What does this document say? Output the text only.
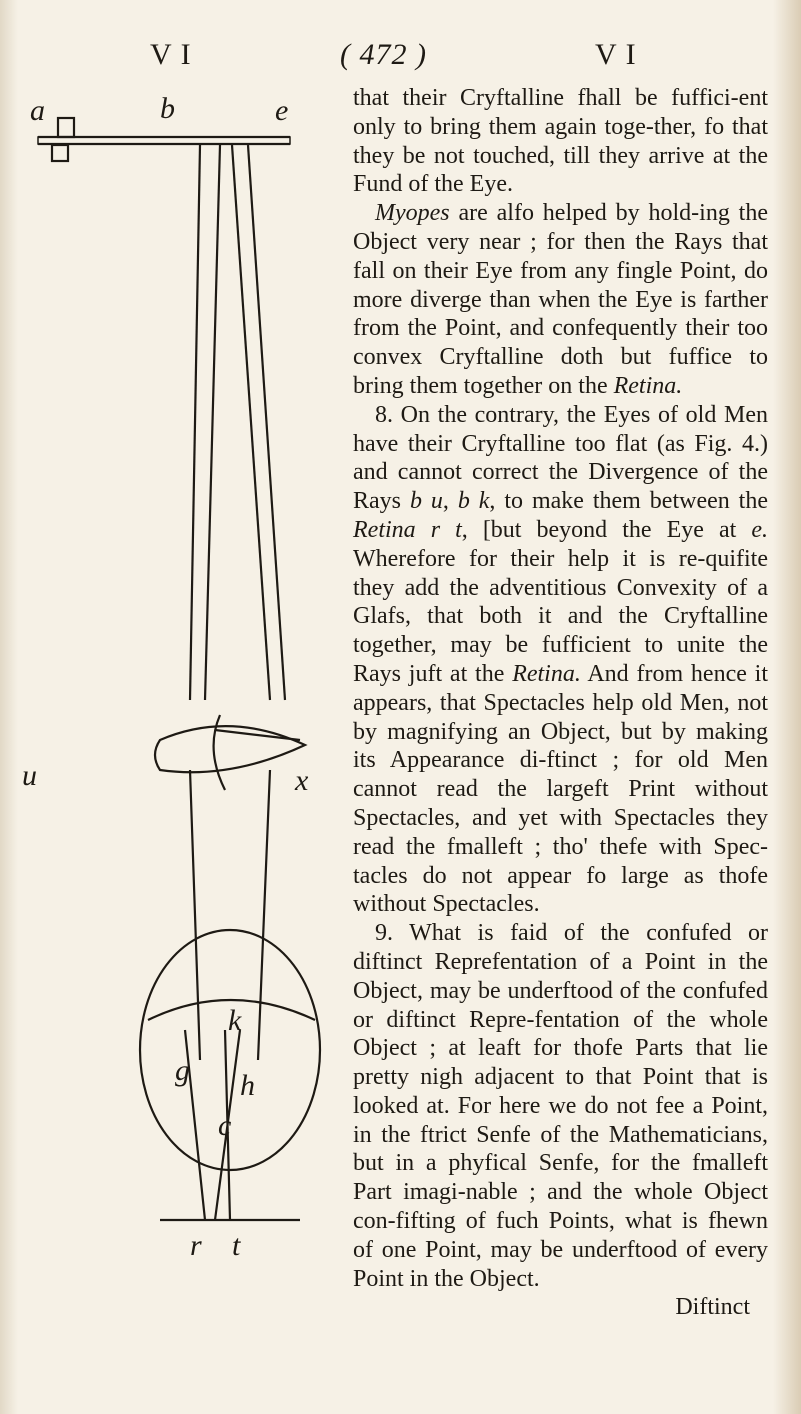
V I	( 472 )	V I
a	b	e
u	x
k
g h
c
r t

that their Cryftalline fhall be fuffici-ent only to bring them again toge-ther, fo that they be not touched, till they arrive at the Fund of the Eye.

Myopes are alfo helped by hold-ing the Object very near ; for then the Rays that fall on their Eye from any fingle Point, do more diverge than when the Eye is farther from the Point, and confequently their too convex Cryftalline doth but fuffice to bring them together on the Retina.

8. On the contrary, the Eyes of old Men have their Cryftalline too flat (as Fig. 4.) and cannot correct the Divergence of the Rays b u, b k, to make them between the Retina r t, [but beyond the Eye at e. Wherefore for their help it is re-quifite they add the adventitious Convexity of a Glafs, that both it and the Cryftalline together, may be fufficient to unite the Rays juft at the Retina. And from hence it appears, that Spectacles help old Men, not by magnifying an Object, but by making its Appearance di-ftinct ; for old Men cannot read the largeft Print without Spectacles, and yet with Spectacles they read the fmalleft ; tho' thefe with Spec-tacles do not appear fo large as thofe without Spectacles.

9. What is faid of the confufed or diftinct Reprefentation of a Point in the Object, may be underftood of the confufed or diftinct Repre-fentation of the whole Object ; at leaft for thofe Parts that lie pretty nigh adjacent to that Point that is looked at. For here we do not fee a Point, in the ftrict Senfe of the Mathematicians, but in a phyfical Senfe, for the fmalleft Part imagi-nable ; and the whole Object con-fifting of fuch Points, what is fhewn of one Point, may be underftood of every Point in the Object.

Diftinct
